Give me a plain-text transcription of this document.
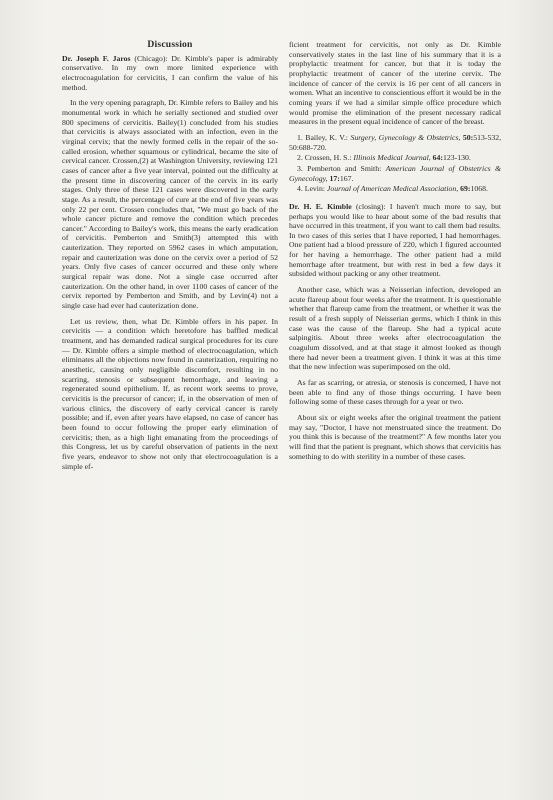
Discussion

Dr. Joseph F. Jaros (Chicago): Dr. Kimble's paper is admirably conservative. In my own more limited experience with electrocoagulation for cervicitis, I can confirm the value of his method.

In the very opening paragraph, Dr. Kimble refers to Bailey and his monumental work in which he serially sectioned and studied over 800 specimens of cervicitis. Bailey(1) concluded from his studies that cervicitis is always associated with an infection, even in the virginal cervix; that the newly formed cells in the repair of the so-called erosion, whether squamous or cylindrical, became the site of cervical cancer. Crossen,(2) at Washington University, reviewing 121 cases of cancer after a five year interval, pointed out the difficulty at the present time in discovering cancer of the cervix in its early stages. Only three of these 121 cases were discovered in the early stage. As a result, the percentage of cure at the end of five years was only 22 per cent. Crossen concludes that, "We must go back of the whole cancer picture and remove the condition which precedes cancer." According to Bailey's work, this means the early eradication of cervicitis. Pemberton and Smith(3) attempted this with cauterization. They reported on 5962 cases in which amputation, repair and cauterization was done on the cervix over a period of 52 years. Only five cases of cancer occurred and these only where surgical repair was done. Not a single case occurred after cauterization. On the other hand, in over 1100 cases of cancer of the cervix reported by Pemberton and Smith, and by Levin(4) not a single case had ever had cauterization done.

Let us review, then, what Dr. Kimble offers in his paper. In cervicitis — a condition which heretofore has baffled medical treatment, and has demanded radical surgical procedures for its cure — Dr. Kimble offers a simple method of electrocoagulation, which eliminates all the objections now found in cauterization, requiring no anesthetic, causing only negligible discomfort, resulting in no scarring, stenosis or subsequent hemorrhage, and leaving a regenerated sound epithelium. If, as recent work seems to prove, cervicitis is the precursor of cancer; if, in the observation of men of various clinics, the discovery of early cervical cancer is rarely possible; and if, even after years have elapsed, no case of cancer has been found to occur following the proper early elimination of cervicitis; then, as a high light emanating from the proceedings of this Congress, let us by careful observation of patients in the next five years, endeavor to show not only that electrocoagulation is a simple ef-

ficient treatment for cervicitis, not only as Dr. Kimble conservatively states in the last line of his summary that it is a prophylactic treatment for cancer, but that it is today the prophylactic treatment of cancer of the uterine cervix. The incidence of cancer of the cervix is 16 per cent of all cancers in women. What an incentive to conscientious effort it would be in the coming years if we had a similar simple office procedure which would promise the elimination of the present necessary radical measures in the present equal incidence of cancer of the breast.

1. Bailey, K. V.: Surgery, Gynecology & Obstetrics, 50:513-532, 50:688-720.
2. Crossen, H. S.: Illinois Medical Journal, 64:123-130.
3. Pemberton and Smith: American Journal of Obstetrics & Gynecology, 17:167.
4. Levin: Journal of American Medical Association, 69:1068.

Dr. H. E. Kimble (closing): I haven't much more to say, but perhaps you would like to hear about some of the bad results that have occurred in this treatment, if you want to call them bad results. In two cases of this series that I have reported, I had hemorrhages. One patient had a blood pressure of 220, which I figured accounted for her having a hemorrhage. The other patient had a mild hemorrhage after treatment, but with rest in bed a few days it subsided without packing or any other treatment.

Another case, which was a Neisserian infection, developed an acute flareup about four weeks after the treatment. It is questionable whether that flareup came from the treatment, or whether it was the result of a fresh supply of Neisserian germs, which I think in this case was the cause of the flareup. She had a typical acute salpingitis. About three weeks after electrocoagulation the coagulum dissolved, and at that stage it almost looked as though there had never been a treatment given. I think it was at this time that the new infection was superimposed on the old.

As far as scarring, or atresia, or stenosis is concerned, I have not been able to find any of those things occurring. I have been following some of these cases through for a year or two.

About six or eight weeks after the original treatment the patient may say, "Doctor, I have not menstruated since the treatment. Do you think this is because of the treatment?" A few months later you will find that the patient is pregnant, which shows that cervicitis has something to do with sterility in a number of these cases.
